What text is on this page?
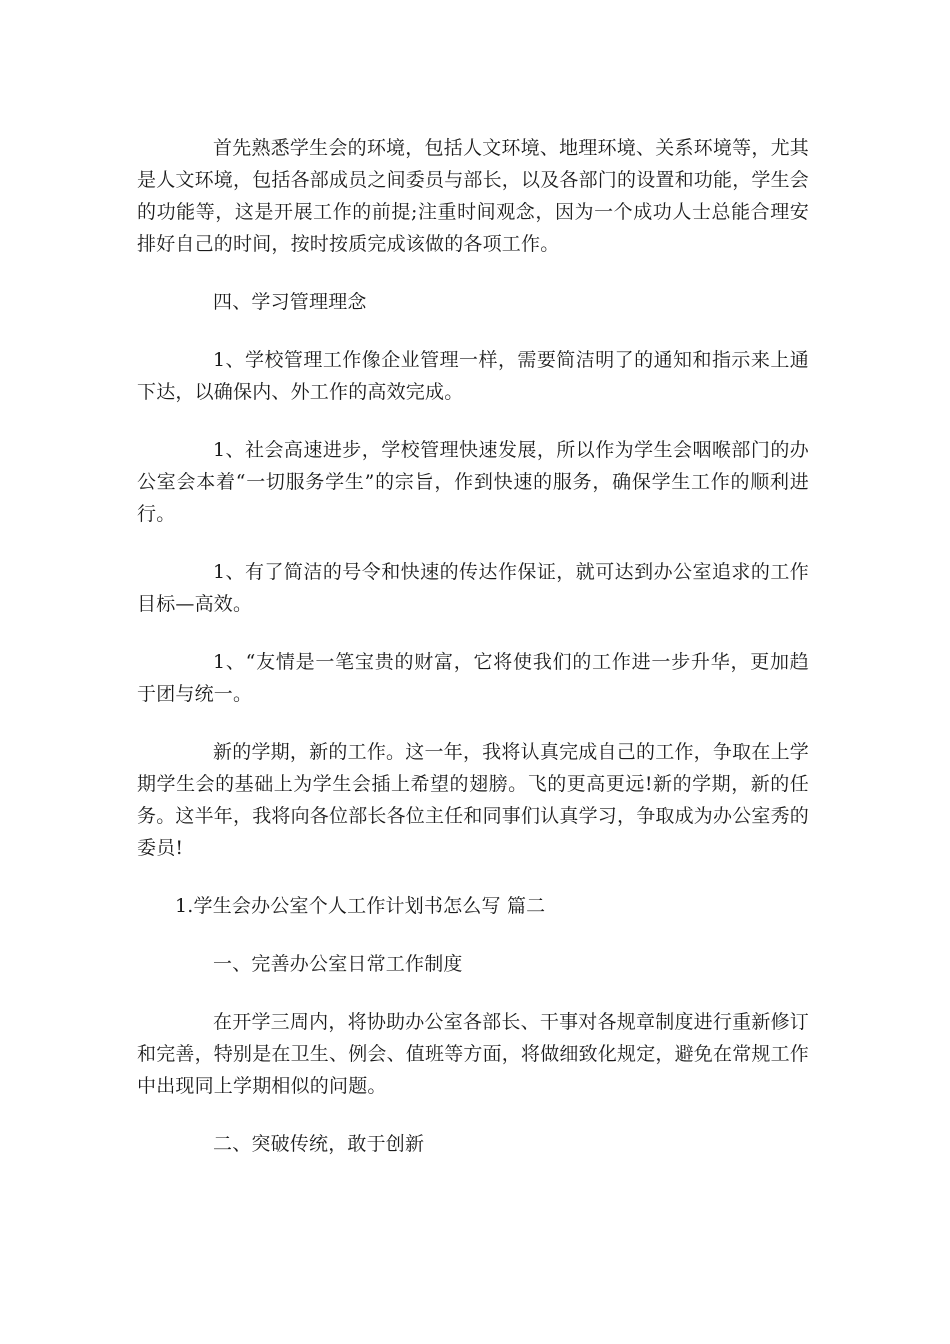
首先熟悉学生会的环境，包括人文环境、地理环境、关系环境等，尤其是人文环境，包括各部成员之间委员与部长，以及各部门的设置和功能，学生会的功能等，这是开展工作的前提;注重时间观念，因为一个成功人士总能合理安排好自己的时间，按时按质完成该做的各项工作。

四、学习管理理念

1、学校管理工作像企业管理一样，需要简洁明了的通知和指示来上通下达，以确保内、外工作的高效完成。

1、社会高速进步，学校管理快速发展，所以作为学生会咽喉部门的办公室会本着“一切服务学生”的宗旨，作到快速的服务，确保学生工作的顺利进行。

1、有了简洁的号令和快速的传达作保证，就可达到办公室追求的工作目标—高效。

1、“友情是一笔宝贵的财富，它将使我们的工作进一步升华，更加趋于团与统一。

新的学期，新的工作。这一年，我将认真完成自己的工作，争取在上学期学生会的基础上为学生会插上希望的翅膀。飞的更高更远!新的学期，新的任务。这半年，我将向各位部长各位主任和同事们认真学习，争取成为办公室秀的委员!

1.学生会办公室个人工作计划书怎么写 篇二

一、完善办公室日常工作制度

在开学三周内，将协助办公室各部长、干事对各规章制度进行重新修订和完善，特别是在卫生、例会、值班等方面，将做细致化规定，避免在常规工作中出现同上学期相似的问题。

二、突破传统，敢于创新
